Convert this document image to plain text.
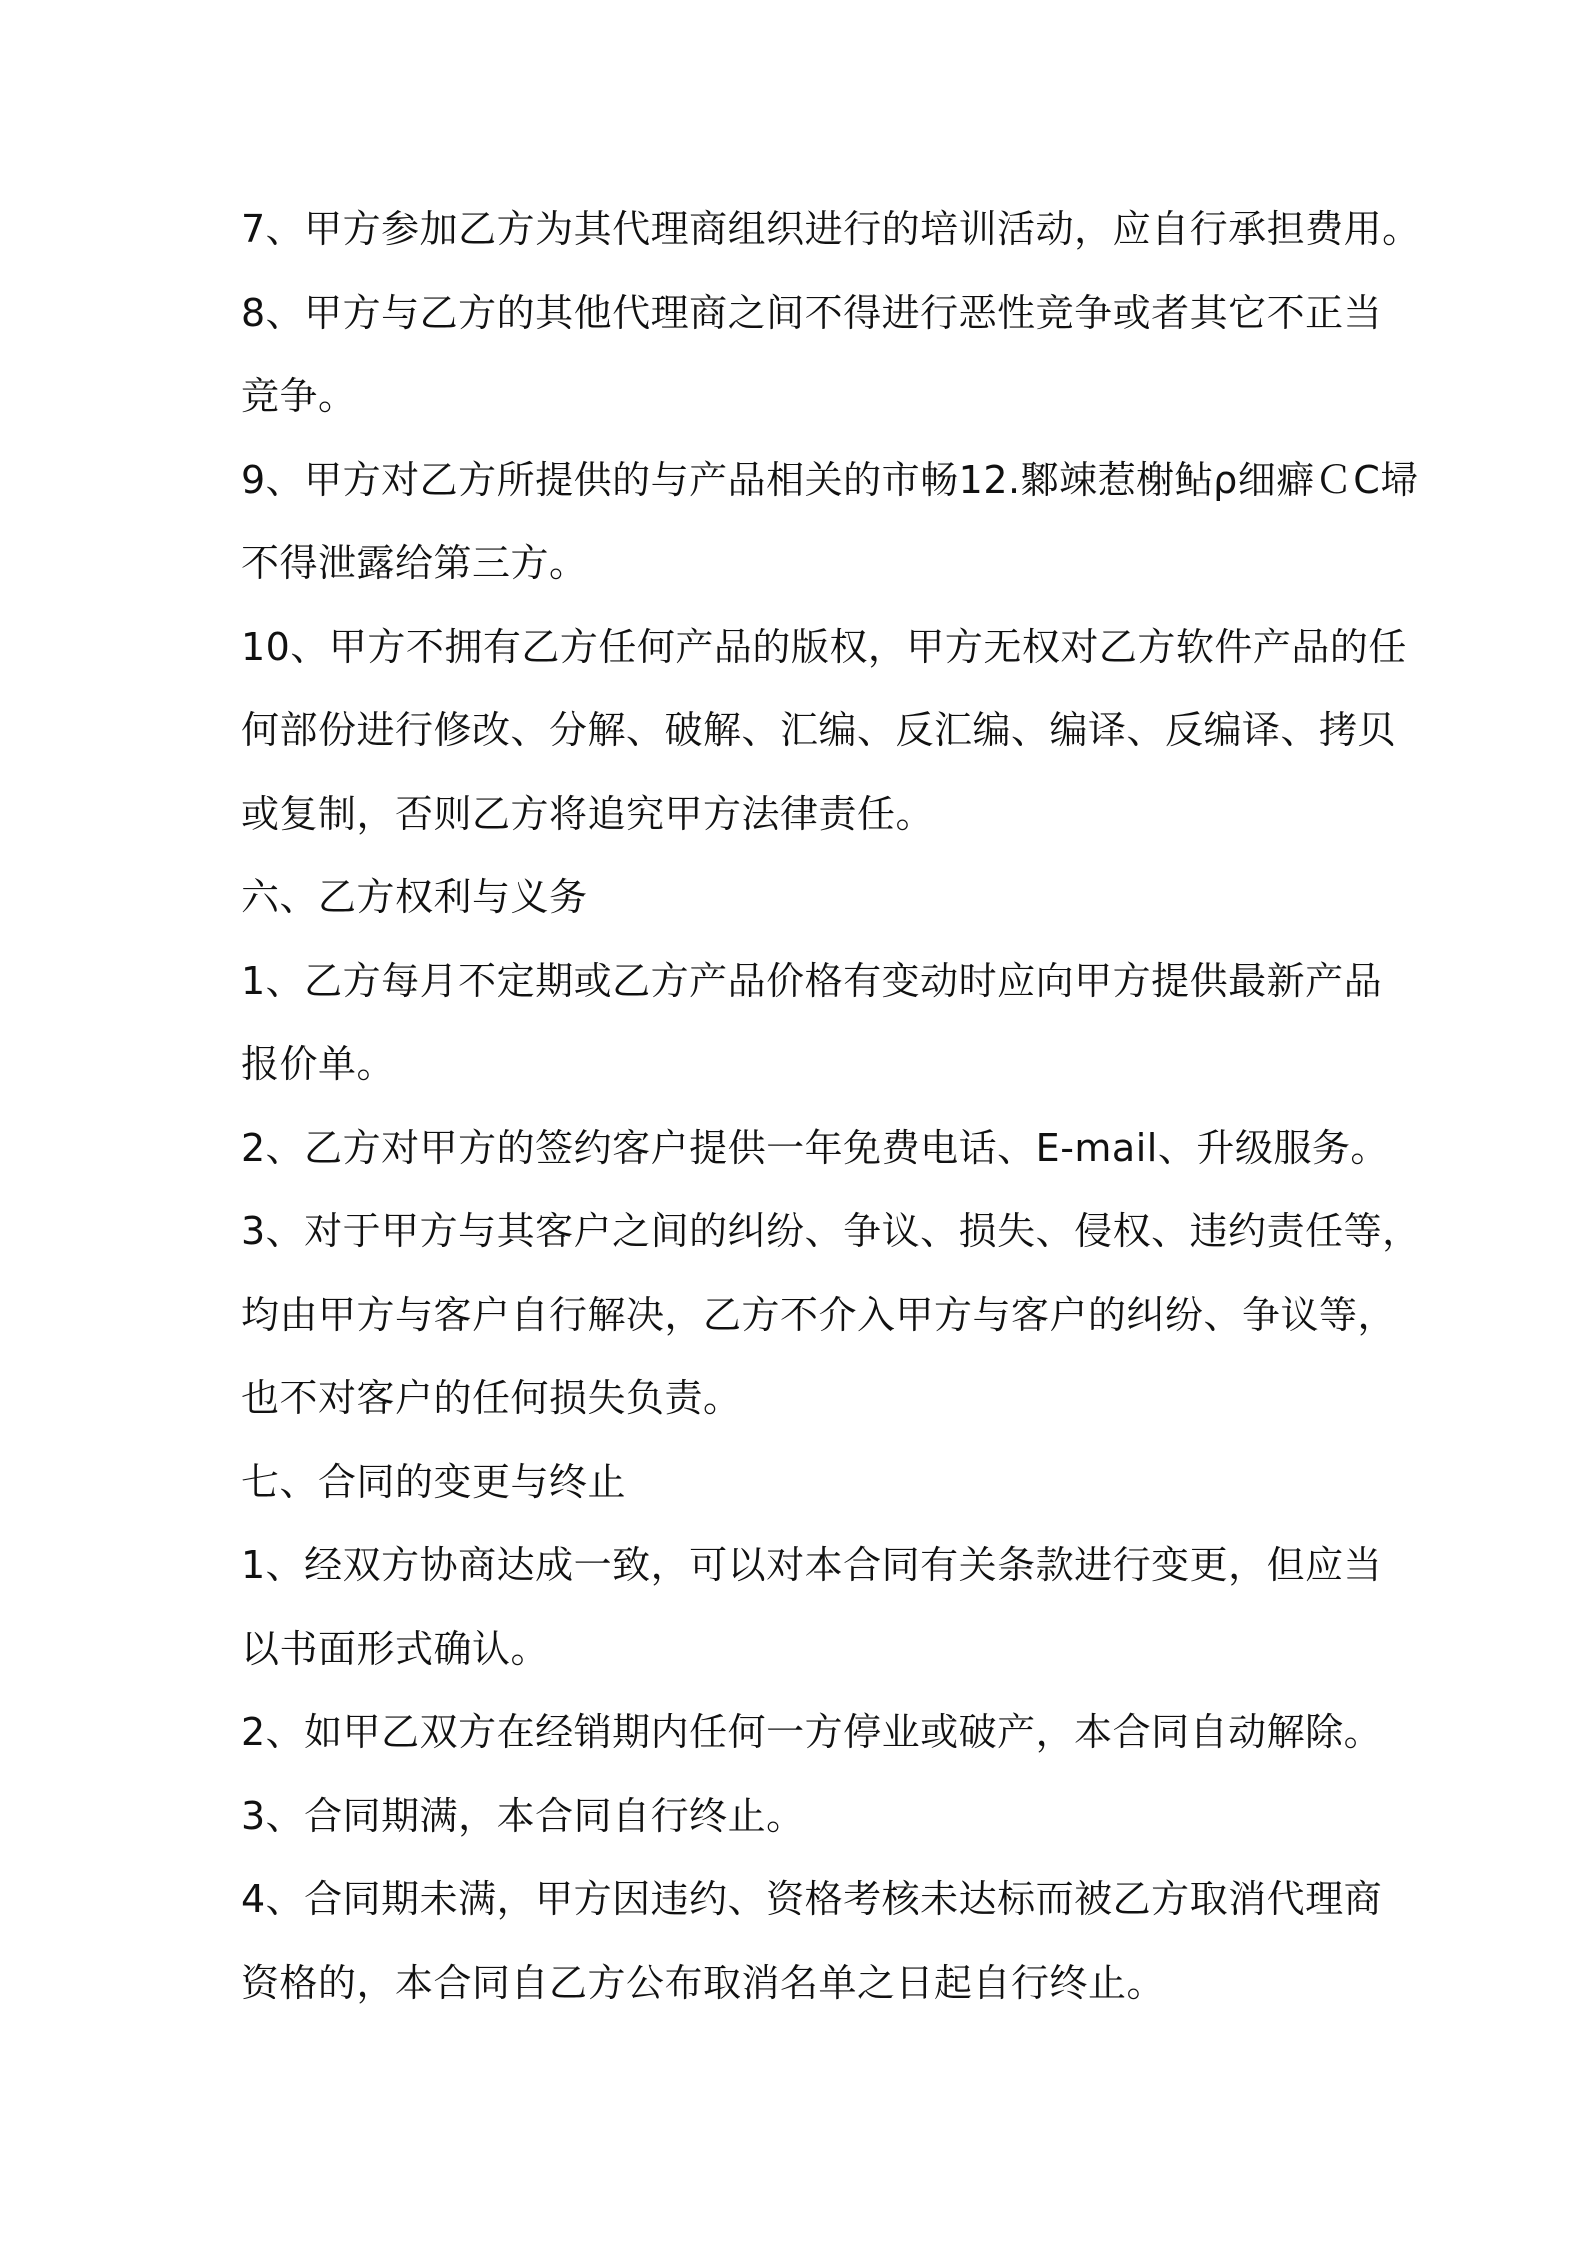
7、甲方参加乙方为其代理商组织进行的培训活动，应自行承担费用。
8、甲方与乙方的其他代理商之间不得进行恶性竞争或者其它不正当
竞争。
9、甲方对乙方所提供的与产品相关的市畅12.鄹竦惹榭鲇ρ细癖ＣC埽
不得泄露给第三方。
10、甲方不拥有乙方任何产品的版权，甲方无权对乙方软件产品的任
何部份进行修改、分解、破解、汇编、反汇编、编译、反编译、拷贝
或复制，否则乙方将追究甲方法律责任。
六、乙方权利与义务
1、乙方每月不定期或乙方产品价格有变动时应向甲方提供最新产品
报价单。
2、乙方对甲方的签约客户提供一年免费电话、E-mail、升级服务。
3、对于甲方与其客户之间的纠纷、争议、损失、侵权、违约责任等，
均由甲方与客户自行解决，乙方不介入甲方与客户的纠纷、争议等，
也不对客户的任何损失负责。
七、合同的变更与终止
1、经双方协商达成一致，可以对本合同有关条款进行变更，但应当
以书面形式确认。
2、如甲乙双方在经销期内任何一方停业或破产，本合同自动解除。
3、合同期满，本合同自行终止。
4、合同期未满，甲方因违约、资格考核未达标而被乙方取消代理商
资格的，本合同自乙方公布取消名单之日起自行终止。
